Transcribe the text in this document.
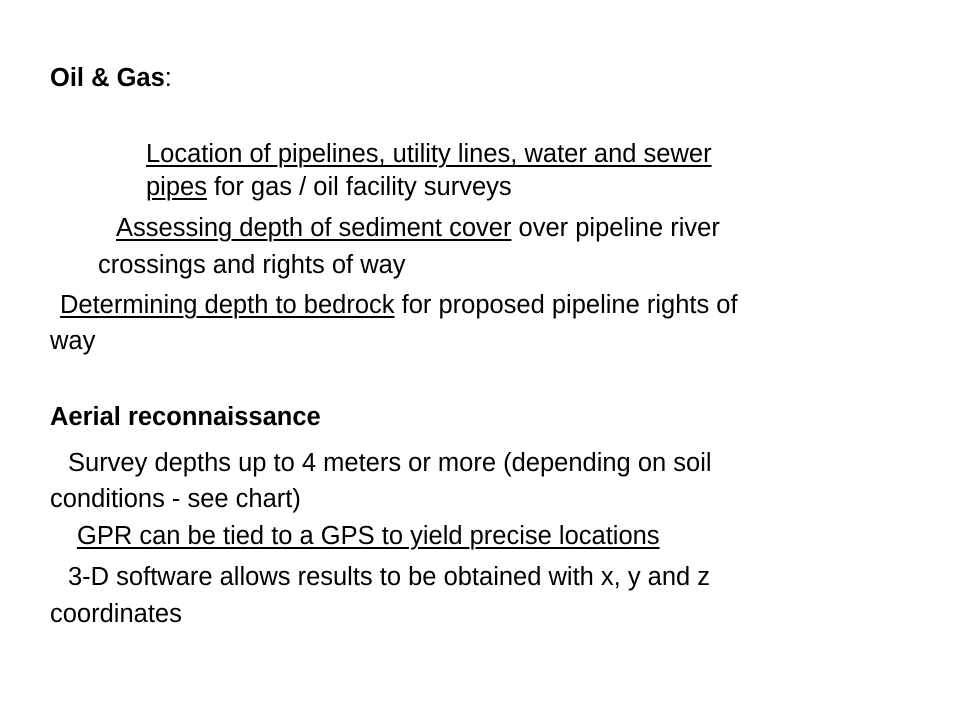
Oil & Gas:
Location of pipelines, utility lines, water and sewer
pipes for gas / oil facility surveys
Assessing depth of sediment cover over pipeline river
crossings and rights of way
Determining depth to bedrock for proposed pipeline rights of
way
Aerial reconnaissance
Survey depths up to 4 meters or more (depending on soil
conditions - see chart)
GPR can be tied to a GPS to yield precise locations
3-D software allows results to be obtained with x, y and z
coordinates
